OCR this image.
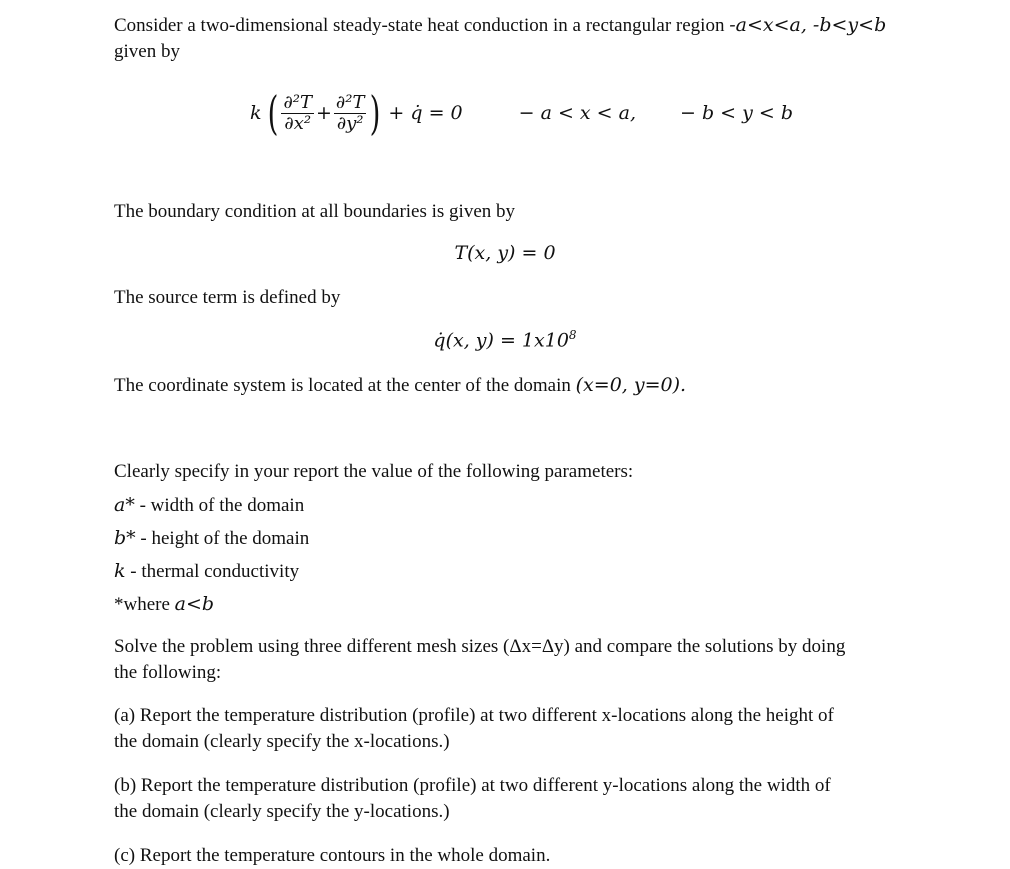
Consider a two-dimensional steady-state heat conduction in a rectangular region -a<x<a, -b<y<b
given by

k ( $\frac{\text{∂²T}}{\text{∂x²}} + \frac{\text{∂²T}}{\text{∂y²}}$ ) + q̇ = 0	− a < x < a, − b < y < b

The boundary condition at all boundaries is given by

T(x, y) = 0

The source term is defined by

q̇(x, $y) = 1x10^8$

The coordinate system is located at the center of the domain (x=0, y=0).

Clearly specify in your report the value of the following parameters:

a* - width of the domain

b* - height of the domain

k - thermal conductivity

*where a<b

Solve the problem using three different mesh sizes (Δx=Δy) and compare the solutions by doing
the following:

(a) Report the temperature distribution (profile) at two different x-locations along the height of
the domain (clearly specify the x-locations.)

(b) Report the temperature distribution (profile) at two different y-locations along the width of
the domain (clearly specify the y-locations.)

(c) Report the temperature contours in the whole domain.
